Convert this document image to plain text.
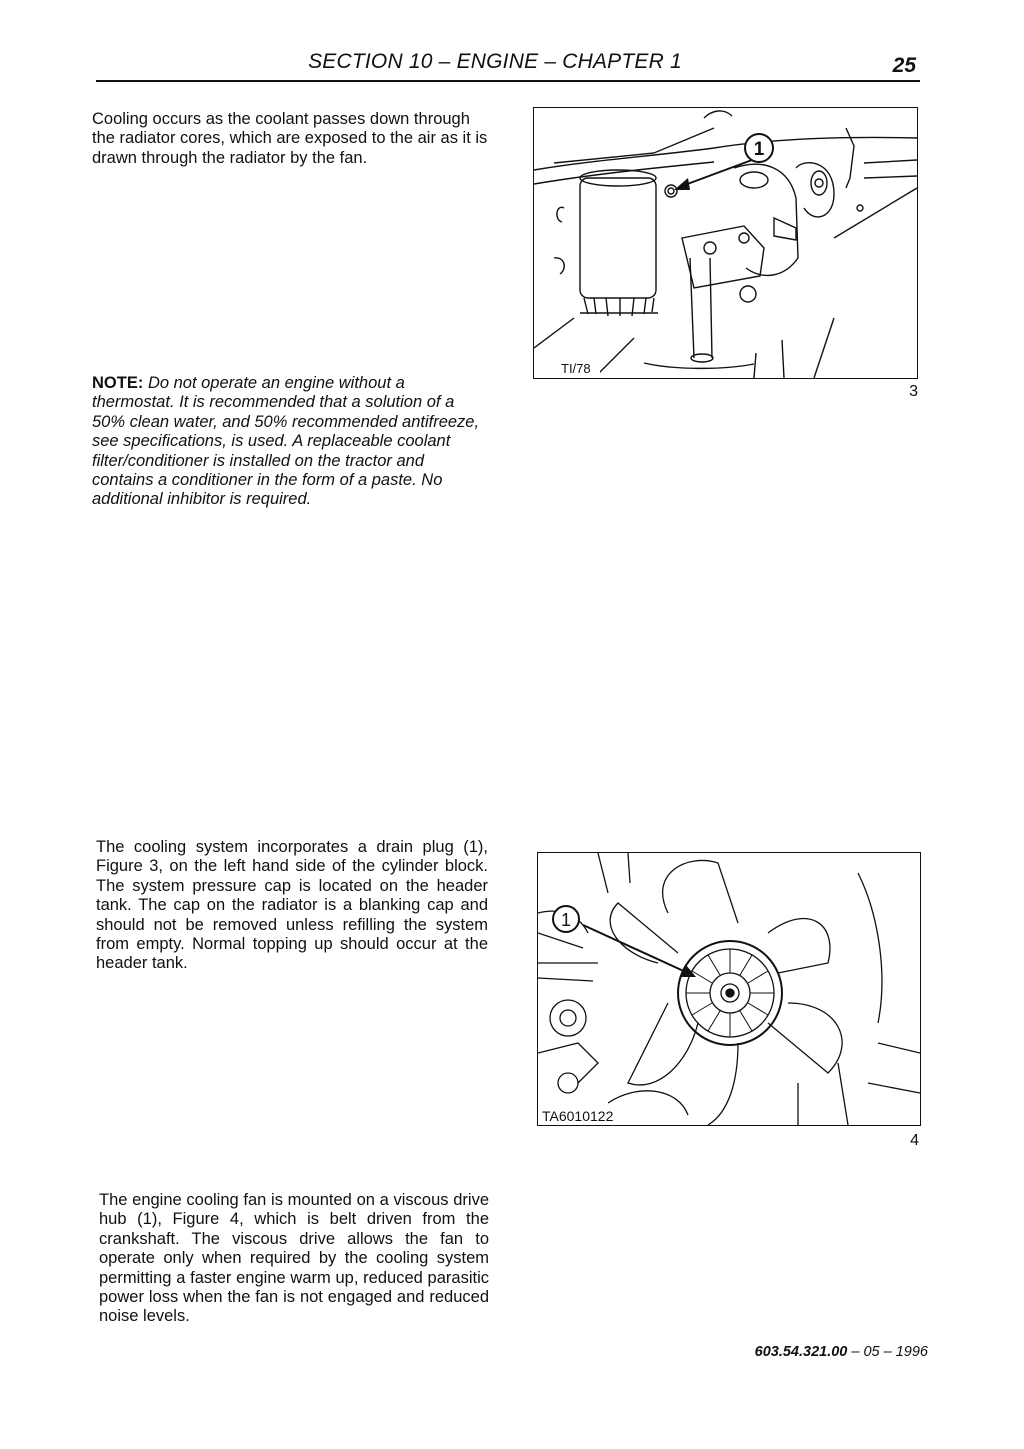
SECTION 10 – ENGINE – CHAPTER 1	25
Cooling occurs as the coolant passes down through the radiator cores, which are exposed to the air as it is drawn through the radiator by the fan.	1
TI/78
3
NOTE: Do not operate an engine without a thermostat. It is recommended that a solution of a 50% clean water, and 50% recommended antifreeze, see specifications, is used. A replaceable coolant filter/conditioner is installed on the tractor and contains a conditioner in the form of a paste. No additional inhibitor is required.
The cooling system incorporates a drain plug (1), Figure 3, on the left hand side of the cylinder block. The system pressure cap is located on the header tank. The cap on the radiator is a blanking cap and should not be removed unless refilling the system from empty. Normal topping up should occur at the header tank.
1
TA6010122
4
The engine cooling fan is mounted on a viscous drive hub (1), Figure 4, which is belt driven from the crankshaft. The viscous drive allows the fan to operate only when required by the cooling system permitting a faster engine warm up, reduced parasitic power loss when the fan is not engaged and reduced noise levels.
603.54.321.00 – 05 – 1996
